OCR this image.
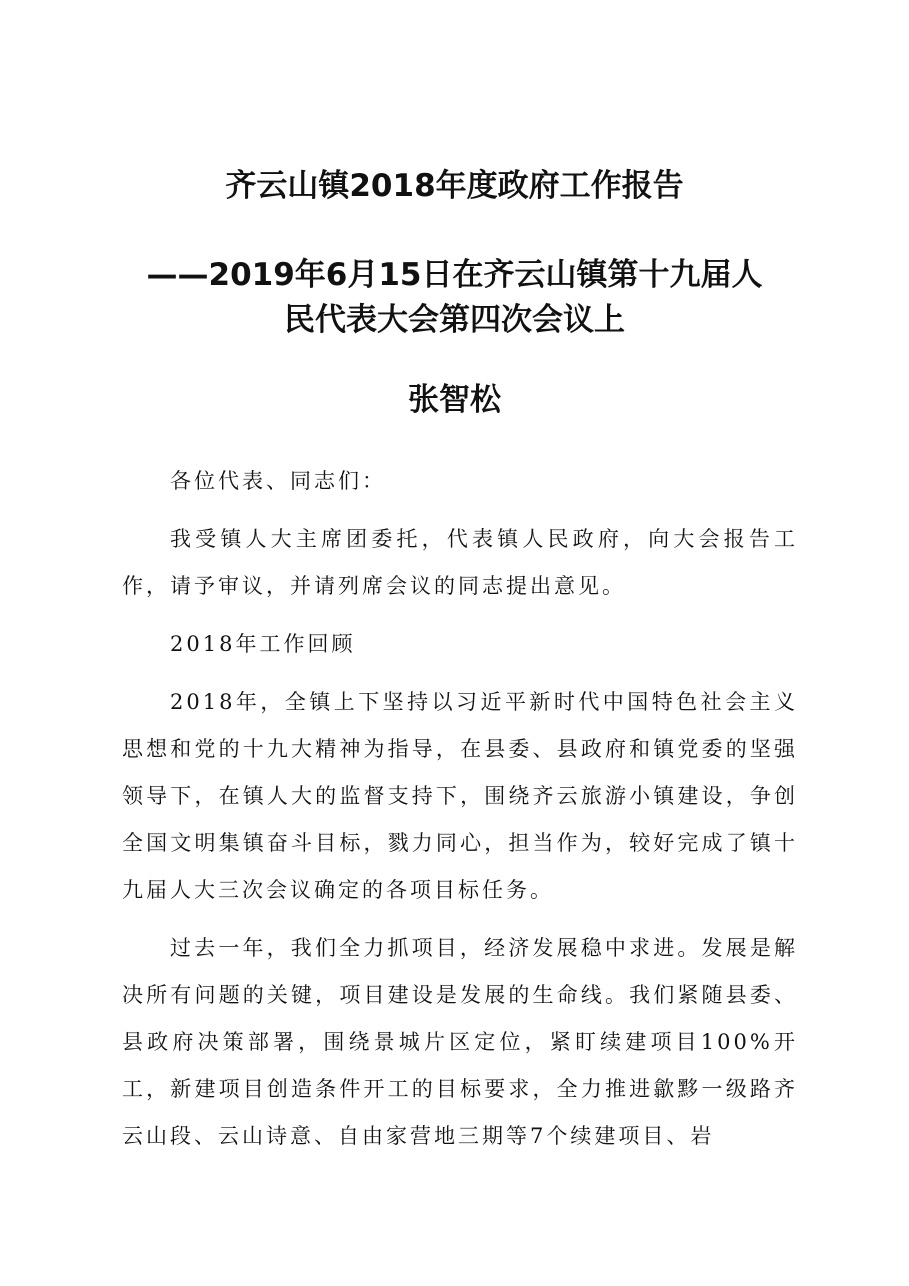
齐云山镇2018年度政府工作报告
——2019年6月15日在齐云山镇第十九届人
民代表大会第四次会议上
张智松

各位代表、同志们：

我受镇人大主席团委托，代表镇人民政府，向大会报告工作，请予审议，并请列席会议的同志提出意见。

2018年工作回顾

2018年，全镇上下坚持以习近平新时代中国特色社会主义思想和党的十九大精神为指导，在县委、县政府和镇党委的坚强领导下，在镇人大的监督支持下，围绕齐云旅游小镇建设，争创全国文明集镇奋斗目标，戮力同心，担当作为，较好完成了镇十九届人大三次会议确定的各项目标任务。

过去一年，我们全力抓项目，经济发展稳中求进。发展是解决所有问题的关键，项目建设是发展的生命线。我们紧随县委、县政府决策部署，围绕景城片区定位，紧盯续建项目100%开工，新建项目创造条件开工的目标要求，全力推进歙黟一级路齐云山段、云山诗意、自由家营地三期等7个续建项目、岩
